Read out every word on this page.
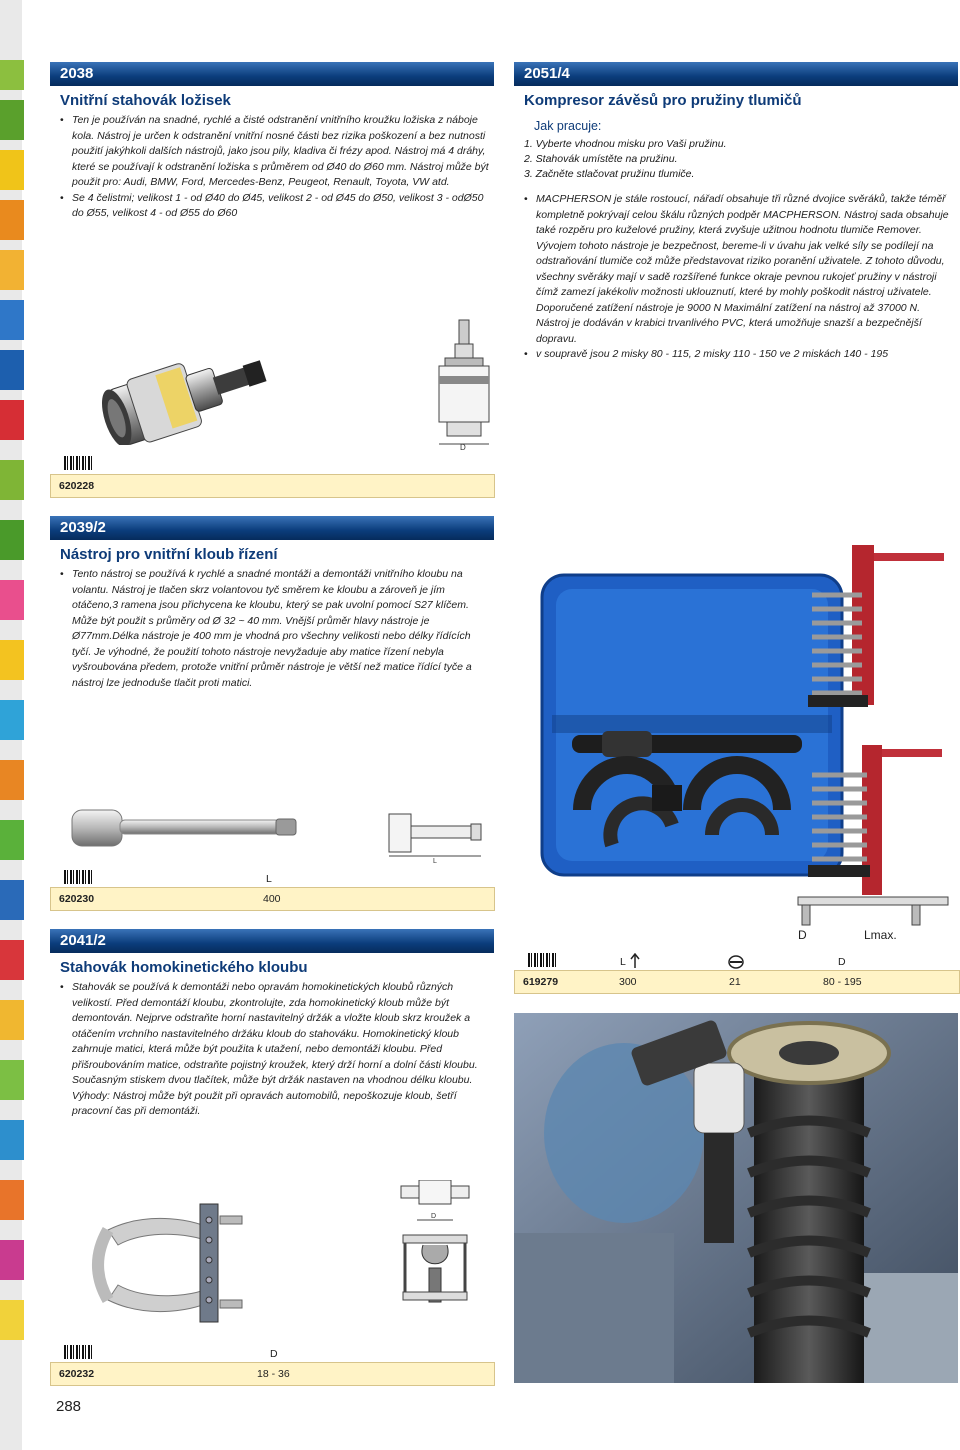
2038
Vnitřní stahovák ložisek
• Ten je používán na snadné, rychlé a čisté odstranění vnitřního kroužku ložiska z náboje kola. Nástroj je určen k odstranění vnitřní nosné části bez rizika poškození a bez nutnosti použití jakýhkoli dalších nástrojů, jako jsou pily, kladiva či frézy apod. Nástroj má 4 dráhy, které se používají k odstranění ložiska s průměrem od Ø40 do Ø60 mm. Nástroj může být použit pro: Audi, BMW, Ford, Mercedes-Benz, Peugeot, Renault, Toyota, VW atd.
• Se 4 čelistmi; velikost 1 - od Ø40 do Ø45, velikost 2 - od Ø45 do Ø50, velikost 3 - odØ50 do Ø55, velikost 4 - od Ø55 do Ø60
D
620228
2051/4
Kompresor závěsů pro pružiny tlumičů
Jak pracuje:
1. Vyberte vhodnou misku pro Vaši pružinu.
2. Stahovák umístěte na pružinu.
3. Začněte stlačovat pružinu tlumiče.
• MACPHERSON je stále rostoucí, nářadí obsahuje tři různé dvojice svěráků, takže téměř kompletně pokrývají celou škálu různých podpěr MACPHERSON. Nástroj sada obsahuje také rozpěru pro kuželové pružiny, která zvyšuje užitnou hodnotu tlumiče Remover. Vývojem tohoto nástroje je bezpečnost, bereme-li v úvahu jak velké síly se podílejí na odstraňování tlumiče což může představovat riziko poranění uživatele. Z tohoto důvodu, všechny svěráky mají v sadě rozšířené funkce okraje pevnou rukojeť pružiny v nástroji čímž zamezí jakékoliv možnosti uklouznutí, které by mohly poškodit nástroj uživatele. Doporučené zatížení nástroje je 9000 N Maximální zatížení na nástroj až 37000 N. Nástroj je dodáván v krabici trvanlivého PVC, která umožňuje snazší a bezpečnější dopravu.
• v soupravě jsou 2 misky 80 - 115, 2 misky 110 - 150 ve 2 miskách 140 - 195
D	Lmax.
619279	300	21	80 - 195
L	D
2039/2
Nástroj pro vnitřní kloub řízení
• Tento nástroj se používá k rychlé a snadné montáži a demontáži vnitřního kloubu na volantu. Nástroj je tlačen skrz volantovou tyč směrem ke kloubu a zároveň je jím otáčeno,3 ramena jsou přichycena ke kloubu, který se pak uvolní pomocí S27 klíčem. Může být použit s průměry od Ø 32 ~ 40 mm. Vnější průměr hlavy nástroje je Ø77mm.Délka nástroje je 400 mm je vhodná pro všechny velikosti nebo délky řídících tyčí. Je výhodné, že použití tohoto nástroje nevyžaduje aby matice řízení nebyla vyšroubována předem, protože vnitřní průměr nástroje je větší než matice řídící tyče a nástroj lze jednoduše tlačit proti matici.
L
620230	400
L
2041/2
Stahovák homokinetického kloubu
• Stahovák se používá k demontáži nebo opravám homokinetických kloubů různých velikostí. Před demontáží kloubu, zkontrolujte, zda homokinetický kloub může být demontován. Nejprve odstraňte horní nastavitelný držák a vložte kloub skrz kroužek a otáčením vrchního nastavitelného držáku kloub do stahováku. Homokinetický kloub zahrnuje matici, která může být použita k utažení, nebo demontáži kloubu. Před přišroubováním matice, odstraňte pojistný kroužek, který drží horní a dolní části kloubu. Současným stiskem dvou tlačítek, může být držák nastaven na vhodnou délku kloubu. Výhody: Nástroj může být použit při opravách automobilů, nepoškozuje kloub, šetří pracovní čas při demontáži.
D
620232	18 - 36
D
288
